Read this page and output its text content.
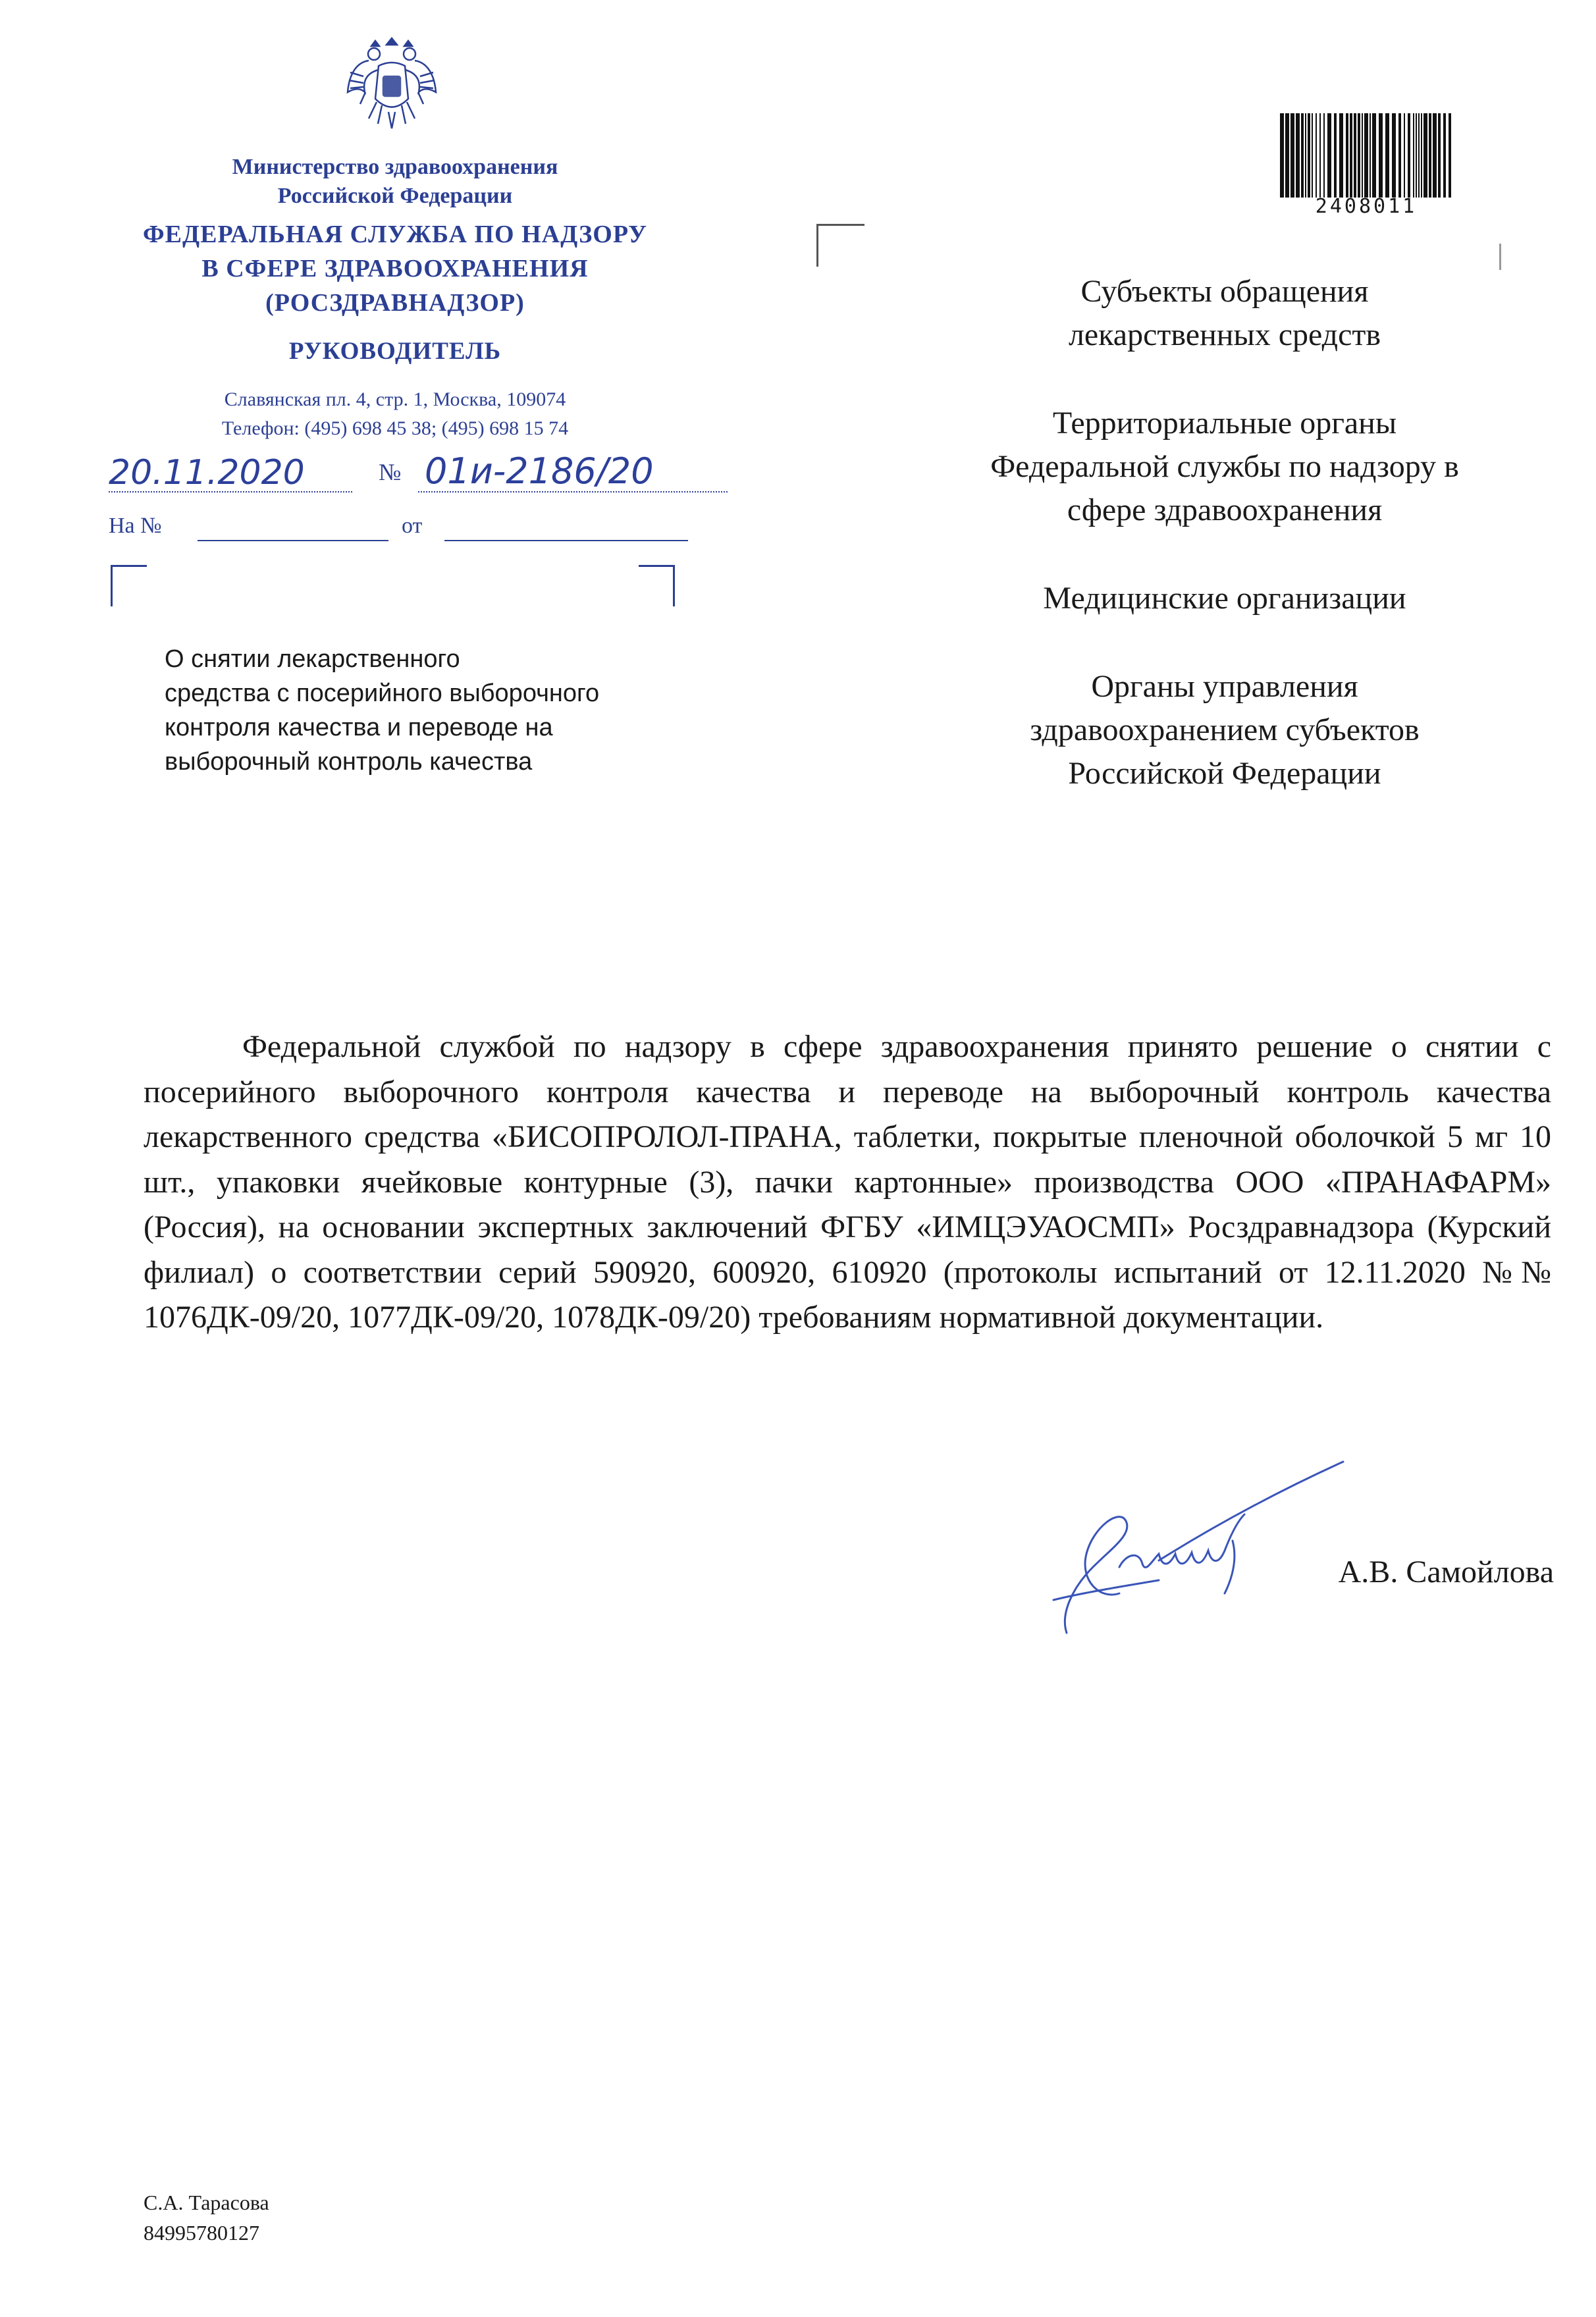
Министерство здравоохранения
Российской Федерации
ФЕДЕРАЛЬНАЯ СЛУЖБА ПО НАДЗОРУ
В СФЕРЕ ЗДРАВООХРАНЕНИЯ
(РОСЗДРАВНАДЗОР)
РУКОВОДИТЕЛЬ
Славянская пл. 4, стр. 1, Москва, 109074
Телефон: (495) 698 45 38; (495) 698 15 74
20.11.2020	№ 01и-2186/20
На №	от
2408011
О снятии лекарственного
средства с посерийного выборочного
контроля качества и переводе на
выборочный контроль качества
Субъекты обращения
лекарственных средств
Территориальные органы
Федеральной службы по надзору в
сфере здравоохранения
Медицинские организации
Органы управления
здравоохранением субъектов
Российской Федерации
Федеральной службой по надзору в сфере здравоохранения принято решение о снятии с посерийного выборочного контроля качества и переводе на выборочный контроль качества лекарственного средства «БИСОПРОЛОЛ-ПРАНА, таблетки, покрытые пленочной оболочкой 5 мг 10 шт., упаковки ячейковые контурные (3), пачки картонные» производства ООО «ПРАНАФАРМ» (Россия), на основании экспертных заключений ФГБУ «ИМЦЭУАОСМП» Росздравнадзора (Курский филиал) о соответствии серий 590920, 600920, 610920 (протоколы испытаний от 12.11.2020 №№ 1076ДК-09/20, 1077ДК-09/20, 1078ДК-09/20) требованиям нормативной документации.
А.В. Самойлова
С.А. Тарасова
84995780127
